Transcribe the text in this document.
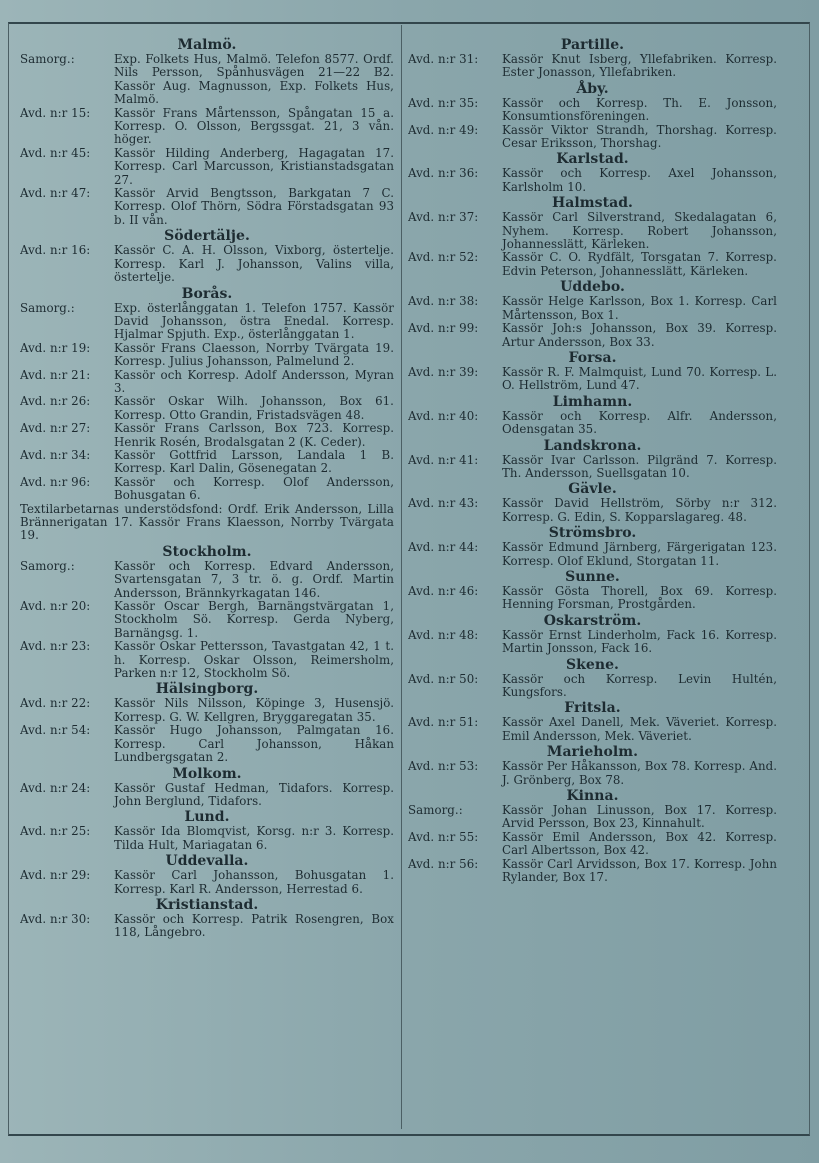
Malmö.
Samorg.:	Exp. Folkets Hus, Malmö. Telefon 8577. Ordf. Nils Persson, Spånhusvägen 21—22 B2. Kassör Aug. Magnusson, Exp. Folkets Hus, Malmö.
Avd. n:r 15:	Kassör Frans Mårtensson, Spångatan 15 a. Korresp. O. Olsson, Bergssgat. 21, 3 vån. höger.
Avd. n:r 45:	Kassör Hilding Anderberg, Hagagatan 17. Korresp. Carl Marcusson, Kristianstadsgatan 27.
Avd. n:r 47:	Kassör Arvid Bengtsson, Barkgatan 7 C. Korresp. Olof Thörn, Södra Förstadsgatan 93 b. II vån.
Södertälje.
Avd. n:r 16:	Kassör C. A. H. Olsson, Vixborg, östertelje. Korresp. Karl J. Johansson, Valins villa, östertelje.
Borås.
Samorg.:	Exp. österlånggatan 1. Telefon 1757. Kassör David Johansson, östra Enedal. Korresp. Hjalmar Spjuth. Exp., österlånggatan 1.
Avd. n:r 19:	Kassör Frans Claesson, Norrby Tvärgata 19. Korresp. Julius Johansson, Palmelund 2.
Avd. n:r 21:	Kassör och Korresp. Adolf Andersson, Myran 3.
Avd. n:r 26:	Kassör Oskar Wilh. Johansson, Box 61. Korresp. Otto Grandin, Fristadsvägen 48.
Avd. n:r 27:	Kassör Frans Carlsson, Box 723. Korresp. Henrik Rosén, Brodalsgatan 2 (K. Ceder).
Avd. n:r 34:	Kassör Gottfrid Larsson, Landala 1 B. Korresp. Karl Dalin, Gösenegatan 2.
Avd. n:r 96:	Kassör och Korresp. Olof Andersson, Bohusgatan 6.
Textilarbetarnas understödsfond: Ordf. Erik Andersson, Lilla Brännerigatan 17. Kassör Frans Klaesson, Norrby Tvärgata 19.
Stockholm.
Samorg.:	Kassör och Korresp. Edvard Andersson, Svartensgatan 7, 3 tr. ö. g. Ordf. Martin Andersson, Brännkyrkagatan 146.
Avd. n:r 20:	Kassör Oscar Bergh, Barnängstvärgatan 1, Stockholm Sö. Korresp. Gerda Nyberg, Barnängsg. 1.
Avd. n:r 23:	Kassör Oskar Pettersson, Tavastgatan 42, 1 t. h. Korresp. Oskar Olsson, Reimersholm, Parken n:r 12, Stockholm Sö.
Hälsingborg.
Avd. n:r 22:	Kassör Nils Nilsson, Köpinge 3, Husensjö. Korresp. G. W. Kellgren, Bryggaregatan 35.
Avd. n:r 54:	Kassör Hugo Johansson, Palmgatan 16. Korresp. Carl Johansson, Håkan Lundbergsgatan 2.
Molkom.
Avd. n:r 24:	Kassör Gustaf Hedman, Tidafors. Korresp. John Berglund, Tidafors.
Lund.
Avd. n:r 25:	Kassör Ida Blomqvist, Korsg. n:r 3. Korresp. Tilda Hult, Mariagatan 6.
Uddevalla.
Avd. n:r 29:	Kassör Carl Johansson, Bohusgatan 1. Korresp. Karl R. Andersson, Herrestad 6.
Kristianstad.
Avd. n:r 30:	Kassör och Korresp. Patrik Rosengren, Box 118, Långebro.
Partille.
Avd. n:r 31:	Kassör Knut Isberg, Yllefabriken. Korresp. Ester Jonasson, Yllefabriken.
Åby.
Avd. n:r 35:	Kassör och Korresp. Th. E. Jonsson, Konsumtionsföreningen.
Avd. n:r 49:	Kassör Viktor Strandh, Thorshag. Korresp. Cesar Eriksson, Thorshag.
Karlstad.
Avd. n:r 36:	Kassör och Korresp. Axel Johansson, Karlsholm 10.
Halmstad.
Avd. n:r 37:	Kassör Carl Silverstrand, Skedalagatan 6, Nyhem. Korresp. Robert Johansson, Johannesslätt, Kärleken.
Avd. n:r 52:	Kassör C. O. Rydfält, Torsgatan 7. Korresp. Edvin Peterson, Johannesslätt, Kärleken.
Uddebo.
Avd. n:r 38:	Kassör Helge Karlsson, Box 1. Korresp. Carl Mårtensson, Box 1.
Avd. n:r 99:	Kassör Joh:s Johansson, Box 39. Korresp. Artur Andersson, Box 33.
Forsa.
Avd. n:r 39:	Kassör R. F. Malmquist, Lund 70. Korresp. L. O. Hellström, Lund 47.
Limhamn.
Avd. n:r 40:	Kassör och Korresp. Alfr. Andersson, Odensgatan 35.
Landskrona.
Avd. n:r 41:	Kassör Ivar Carlsson. Pilgränd 7. Korresp. Th. Andersson, Suellsgatan 10.
Gävle.
Avd. n:r 43:	Kassör David Hellström, Sörby n:r 312. Korresp. G. Edin, S. Kopparslagareg. 48.
Strömsbro.
Avd. n:r 44:	Kassör Edmund Järnberg, Färgerigatan 123. Korresp. Olof Eklund, Storgatan 11.
Sunne.
Avd. n:r 46:	Kassör Gösta Thorell, Box 69. Korresp. Henning Forsman, Prostgården.
Oskarström.
Avd. n:r 48:	Kassör Ernst Linderholm, Fack 16. Korresp. Martin Jonsson, Fack 16.
Skene.
Avd. n:r 50:	Kassör och Korresp. Levin Hultén, Kungsfors.
Fritsla.
Avd. n:r 51:	Kassör Axel Danell, Mek. Väveriet. Korresp. Emil Andersson, Mek. Väveriet.
Marieholm.
Avd. n:r 53:	Kassör Per Håkansson, Box 78. Korresp. And. J. Grönberg, Box 78.
Kinna.
Samorg.:	Kassör Johan Linusson, Box 17. Korresp. Arvid Persson, Box 23, Kinnahult.
Avd. n:r 55:	Kassör Emil Andersson, Box 42. Korresp. Carl Albertsson, Box 42.
Avd. n:r 56:	Kassör Carl Arvidsson, Box 17. Korresp. John Rylander, Box 17.
